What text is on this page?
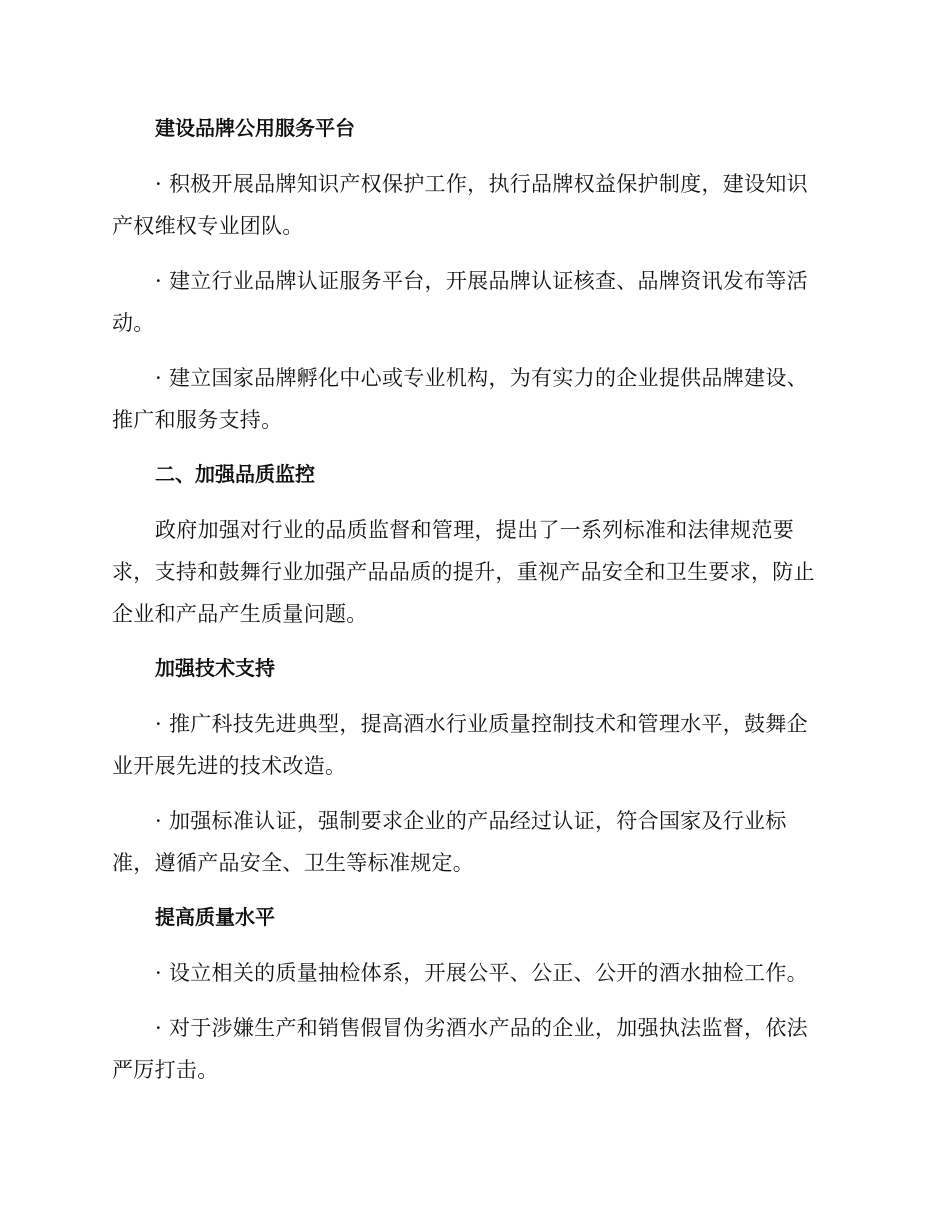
建设品牌公用服务平台

· 积极开展品牌知识产权保护工作，执行品牌权益保护制度，建设知识产权维权专业团队。

· 建立行业品牌认证服务平台，开展品牌认证核查、品牌资讯发布等活动。

· 建立国家品牌孵化中心或专业机构，为有实力的企业提供品牌建设、推广和服务支持。

二、加强品质监控

政府加强对行业的品质监督和管理，提出了一系列标准和法律规范要求，支持和鼓舞行业加强产品品质的提升，重视产品安全和卫生要求，防止企业和产品产生质量问题。

加强技术支持

· 推广科技先进典型，提高酒水行业质量控制技术和管理水平，鼓舞企业开展先进的技术改造。

· 加强标准认证，强制要求企业的产品经过认证，符合国家及行业标准，遵循产品安全、卫生等标准规定。

提高质量水平

· 设立相关的质量抽检体系，开展公平、公正、公开的酒水抽检工作。

· 对于涉嫌生产和销售假冒伪劣酒水产品的企业，加强执法监督，依法严厉打击。
